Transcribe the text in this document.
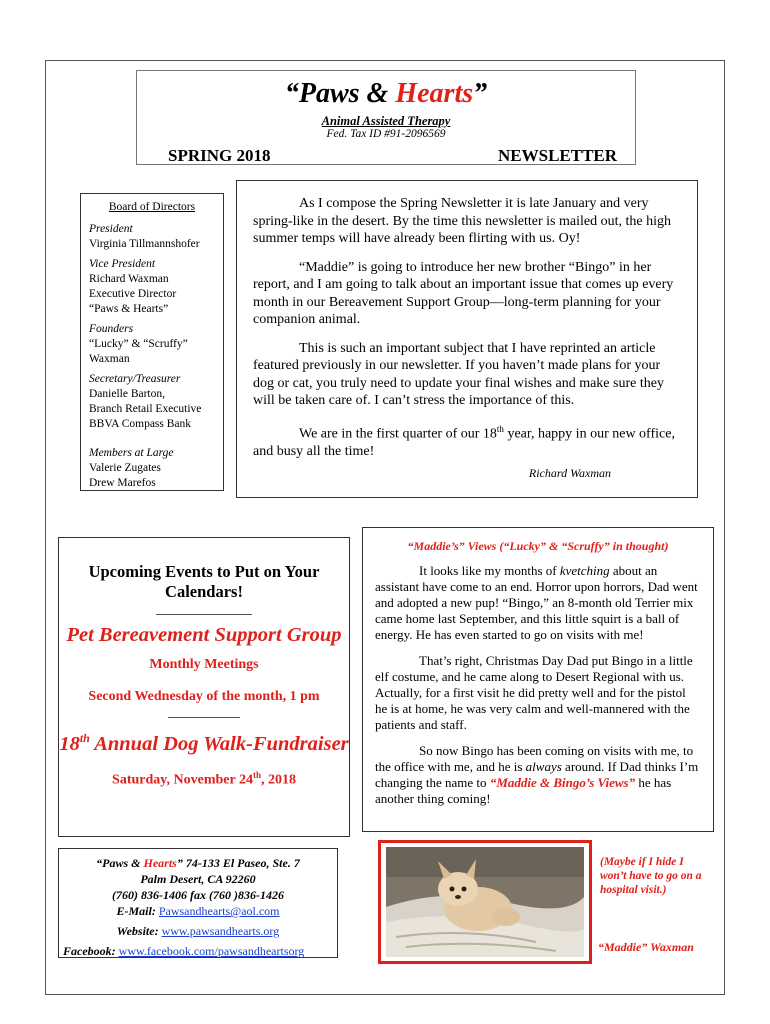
“Paws & Hearts”
Animal Assisted Therapy
Fed. Tax ID #91-2096569
SPRING 2018	NEWSLETTER
Board of Directors
President
Virginia Tillmannshofer
Vice President
Richard Waxman
Executive Director
“Paws & Hearts”
Founders
“Lucky” & “Scruffy”
Waxman
Secretary/Treasurer
Danielle Barton,
Branch Retail Executive
BBVA Compass Bank
Members at Large
Valerie Zugates
Drew Marefos

As I compose the Spring Newsletter it is late January and very spring-like in the desert. By the time this newsletter is mailed out, the high summer temps will have already been flirting with us. Oy!

“Maddie” is going to introduce her new brother “Bingo” in her report, and I am going to talk about an important issue that comes up every month in our Bereavement Support Group—long-term planning for your companion animal.

This is such an important subject that I have reprinted an article featured previously in our newsletter. If you haven’t made plans for your dog or cat, you truly need to update your final wishes and make sure they will be taken care of. I can’t stress the importance of this.

We are in the first quarter of our 18th year, happy in our new office, and busy all the time!

Richard Waxman
Upcoming Events to Put on Your Calendars!
Pet Bereavement Support Group
Monthly Meetings
Second Wednesday of the month, 1 pm
18th Annual Dog Walk-Fundraiser
Saturday, November 24th, 2018
“Paws & Hearts” 74-133 El Paseo, Ste. 7
Palm Desert, CA 92260
(760) 836-1406 fax (760 )836-1426
E-Mail: Pawsandhearts@aol.com
Website: www.pawsandhearts.org
Facebook: www.facebook.com/pawsandheartsorg
“Maddie’s” Views (“Lucky” & “Scruffy” in thought)

It looks like my months of kvetching about an assistant have come to an end. Horror upon horrors, Dad went and adopted a new pup! “Bingo,” an 8-month old Terrier mix came home last September, and this little squirt is a ball of energy. He has even started to go on visits with me!

That’s right, Christmas Day Dad put Bingo in a little elf costume, and he came along to Desert Regional with us. Actually, for a first visit he did pretty well and for the pistol he is at home, he was very calm and well-mannered with the patients and staff.

So now Bingo has been coming on visits with me, to the office with me, and he is always around. If Dad thinks I’m changing the name to “Maddie & Bingo’s Views” he has another thing coming!

(Maybe if I hide I won’t have to go on a hospital visit.)
“Maddie” Waxman
